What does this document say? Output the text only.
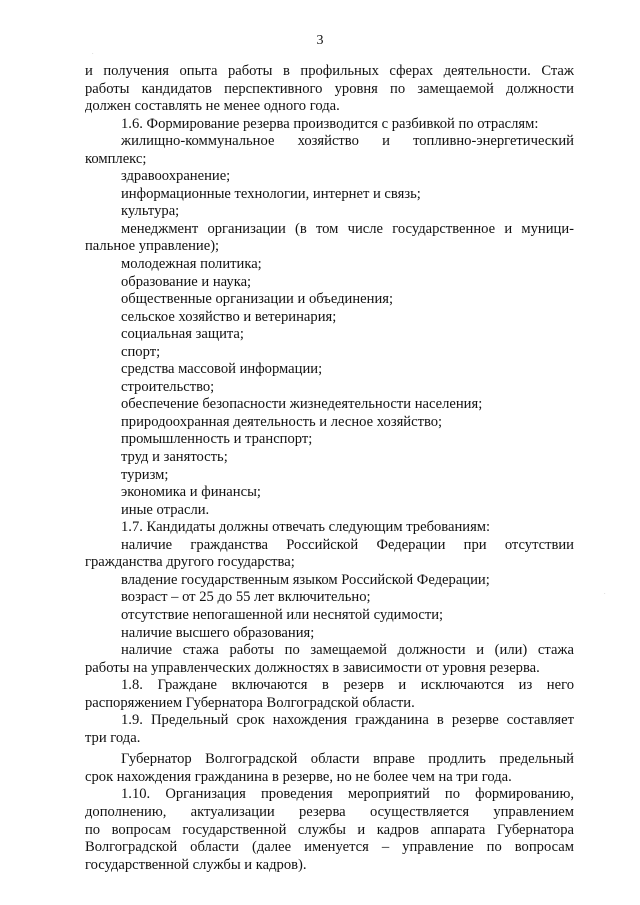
3
·
·
и получения опыта работы в профильных сферах деятельности. Стаж
работы кандидатов перспективного уровня по замещаемой должности
должен составлять не менее одного года.
1.6. Формирование резерва производится с разбивкой по отраслям:
жилищно-коммунальное хозяйство и топливно-энергетический
комплекс;
здравоохранение;
информационные технологии, интернет и связь;
культура;
менеджмент организации (в том числе государственное и муници-
пальное управление);
молодежная политика;
образование и наука;
общественные организации и объединения;
сельское хозяйство и ветеринария;
социальная защита;
спорт;
средства массовой информации;
строительство;
обеспечение безопасности жизнедеятельности населения;
природоохранная деятельность и лесное хозяйство;
промышленность и транспорт;
труд и занятость;
туризм;
экономика и финансы;
иные отрасли.
1.7. Кандидаты должны отвечать следующим требованиям:
наличие гражданства Российской Федерации при отсутствии
гражданства другого государства;
владение государственным языком Российской Федерации;
возраст – от 25 до 55 лет включительно;
отсутствие непогашенной или неснятой судимости;
наличие высшего образования;
наличие стажа работы по замещаемой должности и (или) стажа
работы на управленческих должностях в зависимости от уровня резерва.
1.8. Граждане включаются в резерв и исключаются из него
распоряжением Губернатора Волгоградской области.
1.9. Предельный срок нахождения гражданина в резерве составляет
три года.
Губернатор Волгоградской области вправе продлить предельный
срок нахождения гражданина в резерве, но не более чем на три года.
1.10. Организация проведения мероприятий по формированию,
дополнению, актуализации резерва осуществляется управлением
по вопросам государственной службы и кадров аппарата Губернатора
Волгоградской области (далее именуется – управление по вопросам
государственной службы и кадров).
